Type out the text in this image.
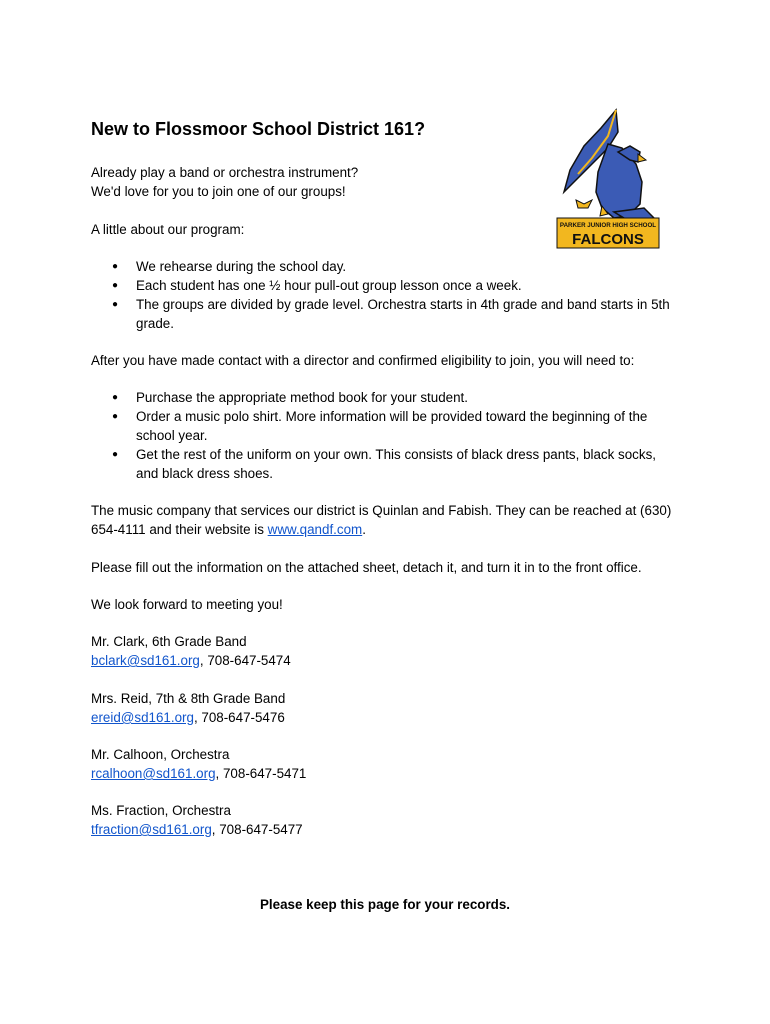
New to Flossmoor School District 161?
PARKER JUNIOR HIGH SCHOOL
FALCONS
Already play a band or orchestra instrument?
We'd love for you to join one of our groups!

A little about our program:

● We rehearse during the school day.
● Each student has one ½ hour pull-out group lesson once a week.
● The groups are divided by grade level. Orchestra starts in 4th grade and band starts in 5th grade.

After you have made contact with a director and confirmed eligibility to join, you will need to:

● Purchase the appropriate method book for your student.
● Order a music polo shirt. More information will be provided toward the beginning of the school year.
● Get the rest of the uniform on your own. This consists of black dress pants, black socks, and black dress shoes.

The music company that services our district is Quinlan and Fabish. They can be reached at (630) 654-4111 and their website is www.qandf.com.

Please fill out the information on the attached sheet, detach it, and turn it in to the front office.

We look forward to meeting you!

Mr. Clark, 6th Grade Band
bclark@sd161.org, 708-647-5474
Mrs. Reid, 7th & 8th Grade Band
ereid@sd161.org, 708-647-5476
Mr. Calhoon, Orchestra
rcalhoon@sd161.org, 708-647-5471
Ms. Fraction, Orchestra
tfraction@sd161.org, 708-647-5477
Please keep this page for your records.
